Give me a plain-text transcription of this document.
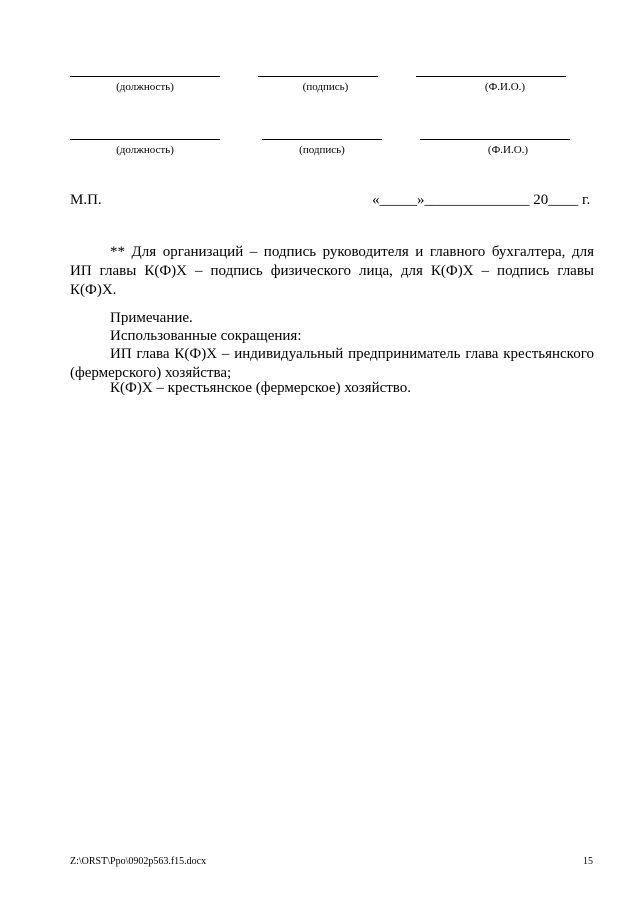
(должность)	(подпись)	(Ф.И.О.)
(должность)	(подпись)	(Ф.И.О.)
М.П.	«_____»______________ 20____ г.
** Для организаций – подпись руководителя и главного бухгалтера, для ИП главы К(Ф)Х – подпись физического лица, для К(Ф)Х – подпись главы К(Ф)Х.
Примечание.
Использованные сокращения:
ИП глава К(Ф)Х – индивидуальный предприниматель глава крестьянского (фермерского) хозяйства;
К(Ф)Х – крестьянское (фермерское) хозяйство.
Z:\ORST\Ppo\0902p563.f15.docx	15
